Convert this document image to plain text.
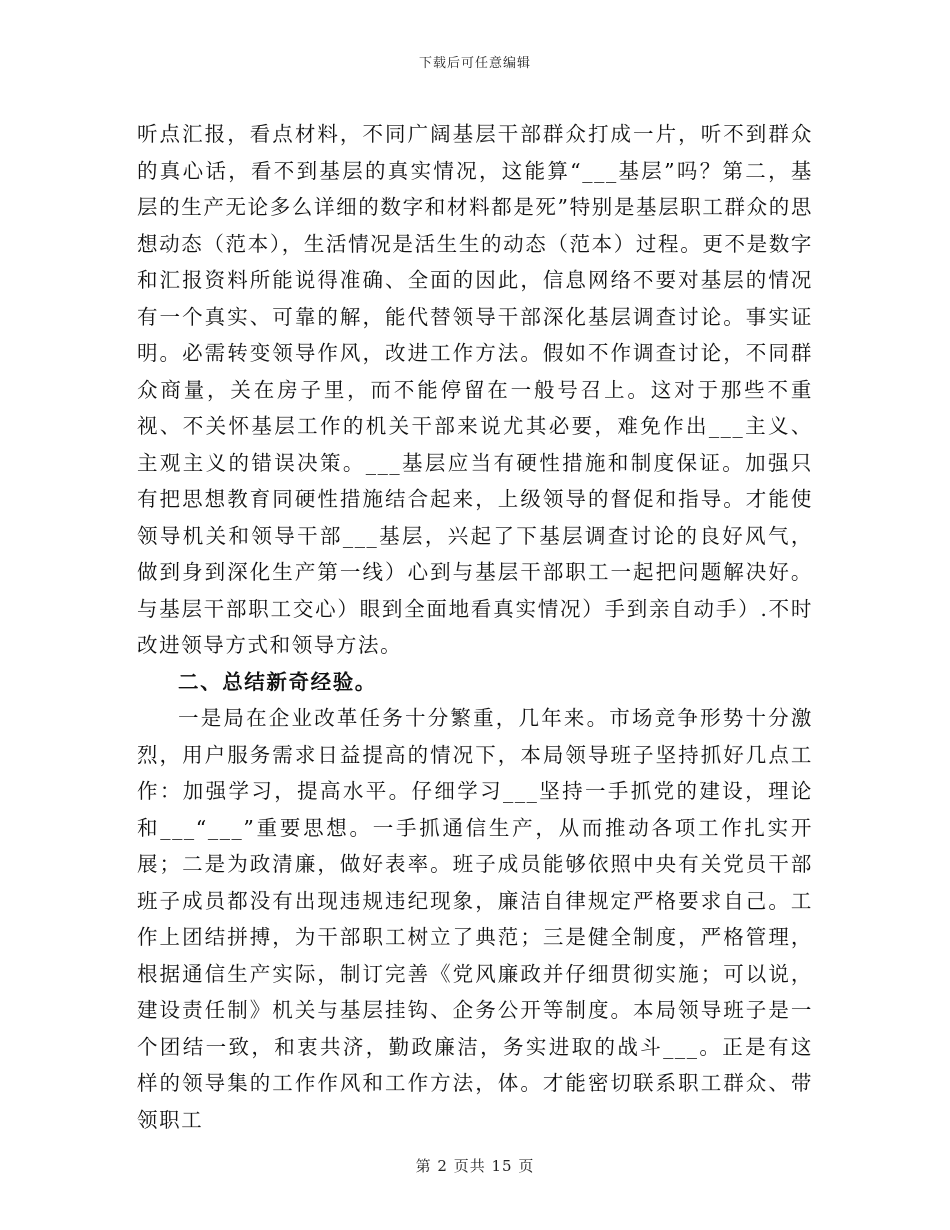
下载后可任意编辑

听点汇报，看点材料，不同广阔基层干部群众打成一片，听不到群众的真心话，看不到基层的真实情况，这能算“___基层”吗？第二，基层的生产无论多么详细的数字和材料都是死”特别是基层职工群众的思想动态（范本），生活情况是活生生的动态（范本）过程。更不是数字和汇报资料所能说得准确、全面的因此，信息网络不要对基层的情况有一个真实、可靠的解，能代替领导干部深化基层调查讨论。事实证明。必需转变领导作风，改进工作方法。假如不作调查讨论，不同群众商量，关在房子里，而不能停留在一般号召上。这对于那些不重视、不关怀基层工作的机关干部来说尤其必要，难免作出___主义、主观主义的错误决策。___基层应当有硬性措施和制度保证。加强只有把思想教育同硬性措施结合起来，上级领导的督促和指导。才能使领导机关和领导干部___基层，兴起了下基层调查讨论的良好风气，做到身到深化生产第一线）心到与基层干部职工一起把问题解决好。与基层干部职工交心）眼到全面地看真实情况）手到亲自动手）.不时改进领导方式和领导方法。

二、总结新奇经验。

一是局在企业改革任务十分繁重，几年来。市场竞争形势十分激烈，用户服务需求日益提高的情况下，本局领导班子坚持抓好几点工作：加强学习，提高水平。仔细学习___坚持一手抓党的建设，理论和___“___”重要思想。一手抓通信生产，从而推动各项工作扎实开展；二是为政清廉，做好表率。班子成员能够依照中央有关党员干部班子成员都没有出现违规违纪现象，廉洁自律规定严格要求自己。工作上团结拼搏，为干部职工树立了典范；三是健全制度，严格管理，根据通信生产实际，制订完善《党风廉政并仔细贯彻实施；可以说，建设责任制》机关与基层挂钩、企务公开等制度。本局领导班子是一个团结一致，和衷共济，勤政廉洁，务实进取的战斗___。正是有这样的领导集的工作作风和工作方法，体。才能密切联系职工群众、带领职工

第 2 页共 15 页
